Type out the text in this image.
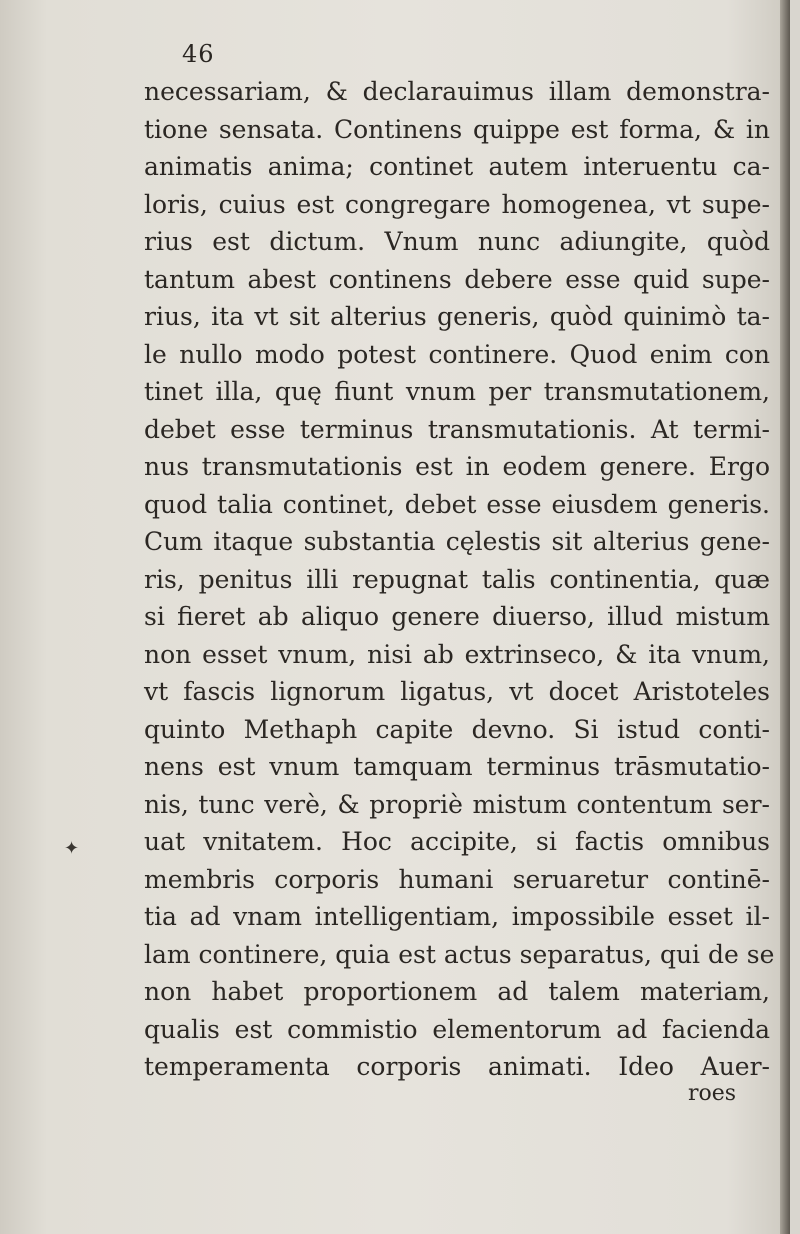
46
necessariam, & declarauimus illam demonstra-
tione sensata. Continens quippe est forma, & in
animatis anima; continet autem interuentu ca-
loris, cuius est congregare homogenea, vt supe-
rius est dictum. Vnum nunc adiungite, quòd
tantum abest continens debere esse quid supe-
rius, ita vt sit alterius generis, quòd quinimò ta-
le nullo modo potest continere. Quod enim con
tinet illa, quę fiunt vnum per transmutationem,
debet esse terminus transmutationis. At termi-
nus transmutationis est in eodem genere. Ergo
quod talia continet, debet esse eiusdem generis.
Cum itaque substantia cęlestis sit alterius gene-
ris, penitus illi repugnat talis continentia, quæ
si fieret ab aliquo genere diuerso, illud mistum
non esset vnum, nisi ab extrinseco, & ita vnum,
vt fascis lignorum ligatus, vt docet Aristoteles
quinto Methaph capite devno. Si istud conti-
nens est vnum tamquam terminus trāsmutatio-
nis, tunc verè, & propriè mistum contentum ser-
uat vnitatem. Hoc accipite, si factis omnibus
membris corporis humani seruaretur continē-
tia ad vnam intelligentiam, impossibile esset il-
lam continere, quia est actus separatus, qui de se
non habet proportionem ad talem materiam,
qualis est commistio elementorum ad facienda
temperamenta corporis animati. Ideo Auer-
roes
✦
